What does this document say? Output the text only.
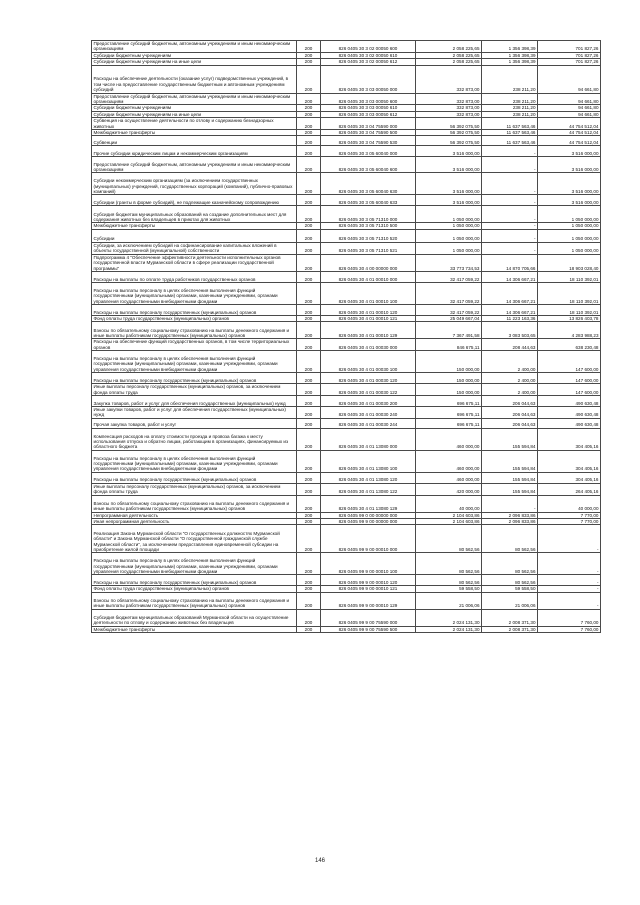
Предоставление субсидий бюджетным, автономным учреждениям и иным некоммерческим организациям	200	826 0405 30 3 02 00050 600	2 058 225,65	1 356 398,39	701 827,26
Субсидии бюджетным учреждениям	200	826 0405 30 3 02 00050 610	2 058 225,65	1 356 398,39	701 827,26
Субсидии бюджетным учреждениям на иные цели	200	826 0405 30 3 02 00050 612	2 058 225,65	1 356 398,39	701 827,26
Расходы на обеспечение деятельности (оказание услуг) подведомственных учреждений, в том числе на предоставление государственным бюджетным и автономным учреждениям субсидий	200	826 0405 30 3 03 00050 000	332 873,00	238 211,20	94 661,80
Предоставление субсидий бюджетным, автономным учреждениям и иным некоммерческим организациям	200	826 0405 30 3 03 00050 600	332 873,00	238 211,20	94 661,80
Субсидии бюджетным учреждениям	200	826 0405 30 3 03 00050 610	332 873,00	238 211,20	94 661,80
Субсидии бюджетным учреждениям на иные цели	200	826 0405 30 3 03 00050 612	332 873,00	238 211,20	94 661,80
Субвенция на осуществление деятельности по отлову и содержанию безнадзорных животных	200	826 0405 30 3 04 75590 000	56 392 075,50	11 637 563,46	44 754 512,04
Межбюджетные трансферты	200	826 0405 30 3 04 75590 500	56 392 075,50	11 637 563,46	44 754 512,04
Субвенции	200	826 0405 30 3 04 75590 530	56 392 075,50	11 637 563,46	44 754 512,04
Прочие субсидии юридическим лицам и некоммерческим организациям	200	826 0405 30 3 05 60040 000	3 516 000,00	-	3 516 000,00
Предоставление субсидий бюджетным, автономным учреждениям и иным некоммерческим организациям	200	826 0405 30 3 05 60040 600	3 516 000,00	-	3 516 000,00
Субсидии некоммерческим организациям (за исключением государственных (муниципальных) учреждений, государственных корпораций (компаний), публично-правовых компаний)	200	826 0405 30 3 05 60040 630	3 516 000,00	-	3 516 000,00
Субсидии (гранты в форме субсидий), не подлежащие казначейскому сопровождению	200	826 0405 30 3 05 60040 633	3 516 000,00	-	3 516 000,00
Субсидия бюджетам муниципальных образований на создание дополнительных мест для содержания животных без владельцев в приютах для животных	200	826 0405 30 3 05 71310 000	1 050 000,00	-	1 050 000,00
Межбюджетные трансферты	200	826 0405 30 3 05 71310 500	1 050 000,00	-	1 050 000,00
Субсидии	200	826 0405 30 3 05 71310 520	1 050 000,00	-	1 050 000,00
Субсидии, за исключением субсидий на софинансирование капитальных вложений в объекты государственной (муниципальной) собственности	200	826 0405 30 3 05 71310 521	1 050 000,00	-	1 050 000,00
Подпрограмма 4 "Обеспечение эффективности деятельности исполнительных органов государственной власти Мурманской области в сфере реализации государственной программы"	200	826 0405 30 4 00 00000 000	33 773 734,53	14 870 705,66	18 903 028,40
Расходы на выплаты по оплате труда работников государственных органов	200	826 0405 30 4 01 00010 000	32 417 059,22	14 306 667,21	18 110 392,01
Расходы на выплаты персоналу в целях обеспечения выполнения функций государственными (муниципальными) органами, казенными учреждениями, органами управления государственными внебюджетными фондами	200	826 0405 30 4 01 00010 100	32 417 059,22	14 306 667,21	18 110 392,01
Расходы на выплаты персоналу государственных (муниципальных) органов	200	826 0405 30 4 01 00010 120	32 417 059,22	14 306 667,21	18 110 392,01
Фонд оплаты труда государственных (муниципальных) органов	200	826 0405 30 4 01 00010 121	25 049 667,04	11 223 163,36	13 826 403,78
Взносы по обязательному социальному страхованию на выплаты денежного содержания и иные выплаты работникам государственных (муниципальных) органов	200	826 0405 30 4 01 00010 129	7 367 491,58	3 083 503,65	4 283 988,23
Расходы на обеспечение функций государственных органов, в том числе территориальных органов	200	826 0405 30 4 01 00030 000	846 675,11	208 444,63	638 230,48
Расходы на выплаты персоналу в целях обеспечения выполнения функций государственными (муниципальными) органами, казенными учреждениями, органами управления государственными внебюджетными фондами	200	826 0405 30 4 01 00030 100	150 000,00	2 400,00	147 600,00
Расходы на выплаты персоналу государственных (муниципальных) органов	200	826 0405 30 4 01 00030 120	150 000,00	2 400,00	147 600,00
Иные выплаты персоналу государственных (муниципальных) органов, за исключением фонда оплаты труда	200	826 0405 30 4 01 00030 122	150 000,00	2 400,00	147 600,00
Закупка товаров, работ и услуг для обеспечения государственных (муниципальных) нужд	200	826 0405 30 4 01 00030 200	696 675,11	206 044,63	490 630,48
Иные закупки товаров, работ и услуг для обеспечения государственных (муниципальных) нужд	200	826 0405 30 4 01 00030 240	696 675,11	206 044,63	490 630,48
Прочая закупка товаров, работ и услуг	200	826 0405 30 4 01 00030 244	696 675,11	206 044,63	490 630,48
Компенсация расходов на оплату стоимости проезда и провоза багажа к месту использования отпуска и обратно лицам, работающим в организациях, финансируемых из областного бюджета	200	826 0405 30 4 01 13080 000	460 000,00	155 594,84	304 405,16
Расходы на выплаты персоналу в целях обеспечения выполнения функций государственными (муниципальными) органами, казенными учреждениями, органами управления государственными внебюджетными фондами	200	826 0405 30 4 01 13080 100	460 000,00	155 594,84	304 405,16
Расходы на выплаты персоналу государственных (муниципальных) органов	200	826 0405 30 4 01 13080 120	460 000,00	155 594,84	304 405,16
Иные выплаты персоналу государственных (муниципальных) органов, за исключением фонда оплаты труда	200	826 0405 30 4 01 13080 122	420 000,00	155 594,84	264 405,16
Взносы по обязательному социальному страхованию на выплаты денежного содержания и иные выплаты работникам государственных (муниципальных) органов	200	826 0405 30 4 01 13080 129	40 000,00	-	40 000,00
Непрограммная деятельность	200	826 0405 99 0 00 00000 000	2 104 603,86	2 096 833,86	7 770,00
Иная непрограммная деятельность	200	826 0405 99 9 00 00000 000	2 104 603,86	2 096 833,86	7 770,00
Реализация Закона Мурманской области "О государственных должностях Мурманской области" и Закона Мурманской области "О государственной гражданской службе Мурманской области", за исключением предоставления единовременной субсидии на приобретение жилой площади	200	826 0405 99 9 00 00010 000	80 562,56	80 562,56	-
Расходы на выплаты персоналу в целях обеспечения выполнения функций государственными (муниципальными) органами, казенными учреждениями, органами управления государственными внебюджетными фондами	200	826 0405 99 9 00 00010 100	80 562,56	80 562,56	-
Расходы на выплаты персоналу государственных (муниципальных) органов	200	826 0405 99 9 00 00010 120	80 562,56	80 562,56	-
Фонд оплаты труда государственных (муниципальных) органов	200	826 0405 99 9 00 00010 121	59 558,50	59 558,50	-
Взносы по обязательному социальному страхованию на выплаты денежного содержания и иные выплаты работникам государственных (муниципальных) органов	200	826 0405 99 9 00 00010 129	21 006,06	21 006,06	-
Субсидия бюджетам муниципальных образований Мурманской области на осуществление деятельности по отлову и содержанию животных без владельцев	200	826 0405 99 9 00 75590 000	2 024 131,30	2 008 371,30	7 760,00
Межбюджетные трансферты	200	826 0405 99 9 00 75590 500	2 024 131,30	2 008 371,30	7 760,00
146
